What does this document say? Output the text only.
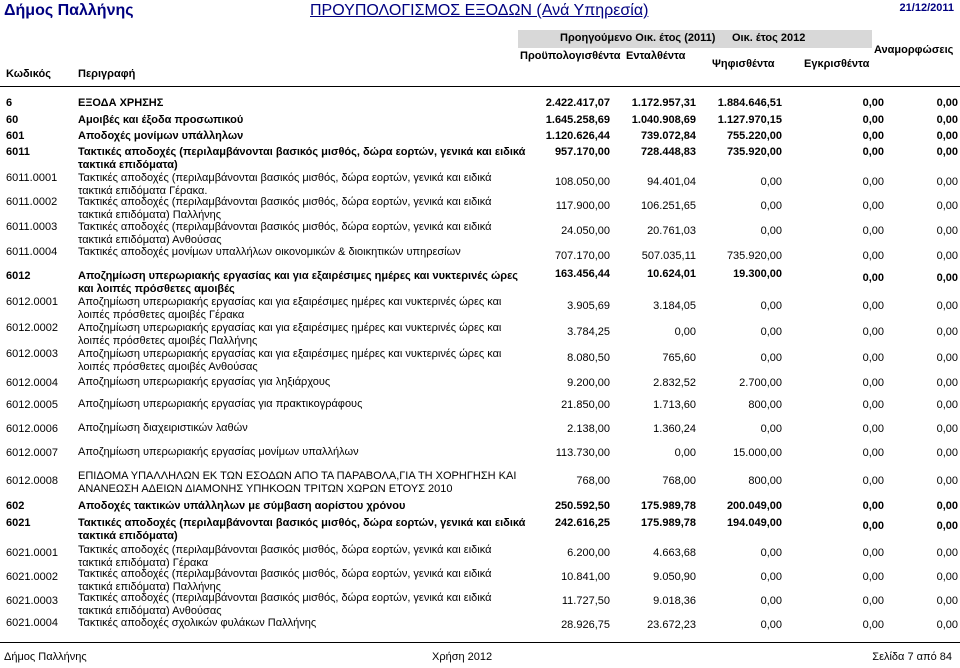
Δήμος Παλλήνης	ΠΡΟΥΠΟΛΟΓΙΣΜΟΣ ΕΞΟΔΩΝ (Ανά Υπηρεσία)	21/12/2011
Προηγούμενο Οικ. έτος (2011) Οικ. έτος 2012
Προϋπολογισθέντα Ενταλθέντα	Αναμορφώσεις
Κωδικός Περιγραφή
Ψηφισθέντα	Εγκρισθέντα
6	ΕΞΟΔΑ ΧΡΗΣΗΣ	2.422.417,07	1.172.957,31	1.884.646,51	0,00	0,00
60	Αμοιβές και έξοδα προσωπικού	1.645.258,69	1.040.908,69	1.127.970,15	0,00	0,00
601	Αποδοχές μονίμων υπάλληλων	1.120.626,44	739.072,84	755.220,00	0,00	0,00
6011	Τακτικές αποδοχές (περιλαμβάνονται βασικός μισθός, δώρα εορτών, γενικά και ειδικά τακτικά επιδόματα)
957.170,00	728.448,83	735.920,00	0,00	0,00
6011.0001 Τακτικές αποδοχές (περιλαμβάνονται βασικός μισθός, δώρα εορτών, γενικά και ειδικά τακτικά επιδόματα Γέρακα.
108.050,00	94.401,04	0,00	0,00	0,00
6011.0002 Τακτικές αποδοχές (περιλαμβάνονται βασικός μισθός, δώρα εορτών, γενικά και ειδικά τακτικά επιδόματα) Παλλήνης
117.900,00	106.251,65	0,00	0,00	0,00
6011.0003 Τακτικές αποδοχές (περιλαμβάνονται βασικός μισθός, δώρα εορτών, γενικά και ειδικά τακτικά επιδόματα) Ανθούσας
24.050,00	20.761,03	0,00	0,00	0,00
6011.0004 Τακτικές αποδοχές μονίμων υπαλλήλων οικονομικών & διοικητικών υπηρεσίων	707.170,00	507.035,11	735.920,00	0,00	0,00
6012	Αποζημίωση υπερωριακής εργασίας και για εξαιρέσιμες ημέρες και νυκτερινές ώρες και λοιπές πρόσθετες αμοιβές
163.456,44	10.624,01	19.300,00	0,00	0,00
6012.0001 Αποζημίωση υπερωριακής εργασίας και για εξαιρέσιμες ημέρες και νυκτερινές ώρες και λοιπές πρόσθετες αμοιβές Γέρακα
3.905,69	3.184,05	0,00	0,00	0,00
6012.0002 Αποζημίωση υπερωριακής εργασίας και για εξαιρέσιμες ημέρες και νυκτερινές ώρες και λοιπές πρόσθετες αμοιβές Παλλήνης
3.784,25	0,00	0,00	0,00	0,00
6012.0003 Αποζημίωση υπερωριακής εργασίας και για εξαιρέσιμες ημέρες και νυκτερινές ώρες και λοιπές πρόσθετες αμοιβές Ανθούσας
8.080,50	765,60	0,00	0,00	0,00
6012.0004 Αποζημίωση υπερωριακής εργασίας για ληξιάρχους	9.200,00	2.832,52	2.700,00	0,00	0,00
6012.0005 Αποζημίωση υπερωριακής εργασίας για πρακτικογράφους	21.850,00	1.713,60	800,00	0,00	0,00
6012.0006 Αποζημίωση διαχειριστικών λαθών	2.138,00	1.360,24	0,00	0,00	0,00
6012.0007 Αποζημίωση υπερωριακής εργασίας μονίμων υπαλλήλων	113.730,00	0,00	15.000,00	0,00	0,00
6012.0008 ΕΠΙΔΟΜΑ ΥΠΑΛΛΗΛΩΝ ΕΚ ΤΩΝ ΕΣΟΔΩΝ ΑΠΟ ΤΑ ΠΑΡΑΒΟΛΑ,ΓΙΑ ΤΗ ΧΟΡΗΓΗΣΗ ΚΑΙ ΑΝΑΝΕΩΣΗ ΑΔΕΙΩΝ ΔΙΑΜΟΝΗΣ ΥΠΗΚΟΩΝ ΤΡΙΤΩΝ ΧΩΡΩΝ ΕΤΟΥΣ 2010
768,00	768,00	800,00	0,00	0,00
602	Αποδοχές τακτικών υπάλληλων με σύμβαση αορίστου χρόνου	250.592,50	175.989,78	200.049,00	0,00	0,00
6021	Τακτικές αποδοχές (περιλαμβάνονται βασικός μισθός, δώρα εορτών, γενικά και ειδικά τακτικά επιδόματα)
242.616,25	175.989,78	194.049,00	0,00	0,00
6021.0001 Τακτικές αποδοχές (περιλαμβάνονται βασικός μισθός, δώρα εορτών, γενικά και ειδικά τακτικά επιδόματα) Γέρακα
6.200,00	4.663,68	0,00	0,00	0,00
6021.0002 Τακτικές αποδοχές (περιλαμβάνονται βασικός μισθός, δώρα εορτών, γενικά και ειδικά τακτικά επιδόματα) Παλλήνης
10.841,00	9.050,90	0,00	0,00	0,00
6021.0003 Τακτικές αποδοχές (περιλαμβάνονται βασικός μισθός, δώρα εορτών, γενικά και ειδικά τακτικά επιδόματα) Ανθούσας
11.727,50	9.018,36	0,00	0,00	0,00
6021.0004 Τακτικές αποδοχές σχολικών φυλάκων Παλλήνης	28.926,75	23.672,23	0,00	0,00	0,00
Δήμος Παλλήνης	Χρήση 2012	Σελίδα 7 από 84
